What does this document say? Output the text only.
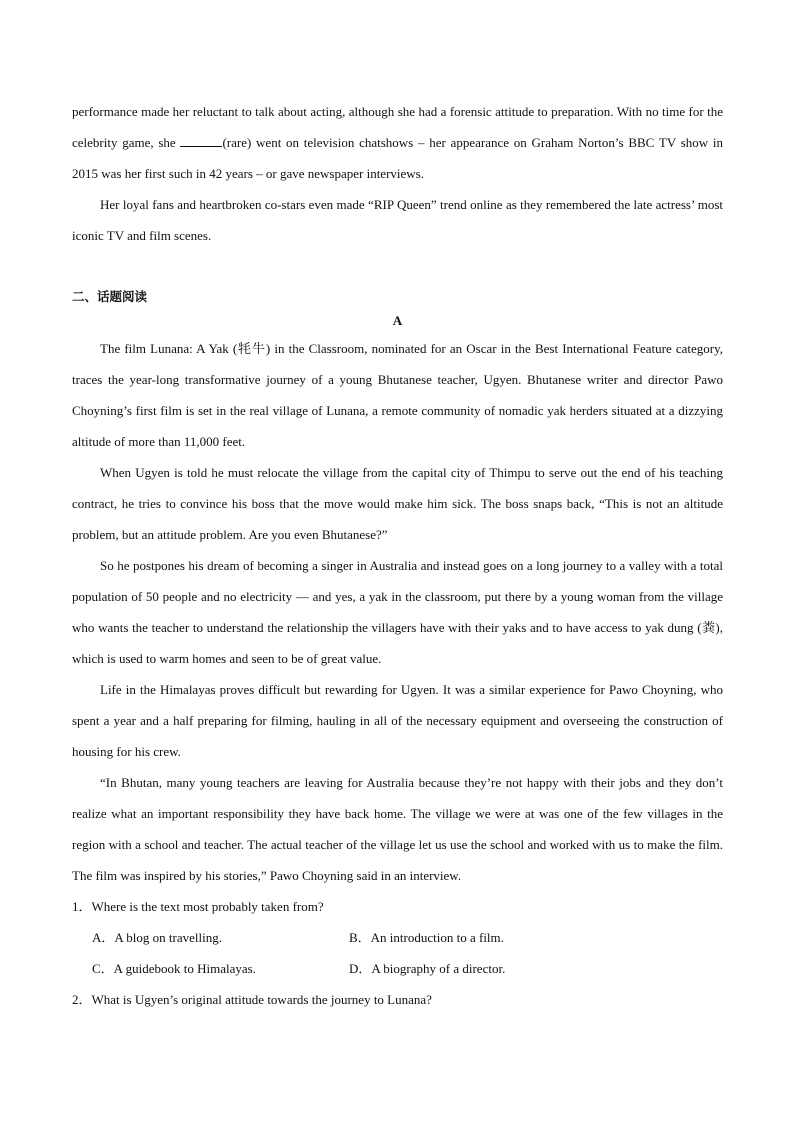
performance made her reluctant to talk about acting, although she had a forensic attitude to preparation. With no time for the celebrity game, she	(rare) went on television chatshows – her appearance on Graham Norton’s BBC TV show in 2015 was her first such in 42 years – or gave newspaper interviews.

Her loyal fans and heartbroken co-stars even made “RIP Queen” trend online as they remembered the late actress’ most iconic TV and film scenes.

二、话题阅读

A

The film Lunana: A Yak (牦牛) in the Classroom, nominated for an Oscar in the Best International Feature category, traces the year-long transformative journey of a young Bhutanese teacher, Ugyen. Bhutanese writer and director Pawo Choyning’s first film is set in the real village of Lunana, a remote community of nomadic yak herders situated at a dizzying altitude of more than 11,000 feet.

When Ugyen is told he must relocate the village from the capital city of Thimpu to serve out the end of his teaching contract, he tries to convince his boss that the move would make him sick. The boss snaps back, “This is not an altitude problem, but an attitude problem. Are you even Bhutanese?”

So he postpones his dream of becoming a singer in Australia and instead goes on a long journey to a valley with a total population of 50 people and no electricity — and yes, a yak in the classroom, put there by a young woman from the village who wants the teacher to understand the relationship the villagers have with their yaks and to have access to yak dung (粪), which is used to warm homes and seen to be of great value.

Life in the Himalayas proves difficult but rewarding for Ugyen. It was a similar experience for Pawo Choyning, who spent a year and a half preparing for filming, hauling in all of the necessary equipment and overseeing the construction of housing for his crew.

“In Bhutan, many young teachers are leaving for Australia because they’re not happy with their jobs and they don’t realize what an important responsibility they have back home. The village we were at was one of the few villages in the region with a school and teacher. The actual teacher of the village let us use the school and worked with us to make the film. The film was inspired by his stories,” Pawo Choyning said in an interview.

1．Where is the text most probably taken from?

A．A blog on travelling.	B．An introduction to a film.
C．A guidebook to Himalayas.	D．A biography of a director.

2．What is Ugyen’s original attitude towards the journey to Lunana?
